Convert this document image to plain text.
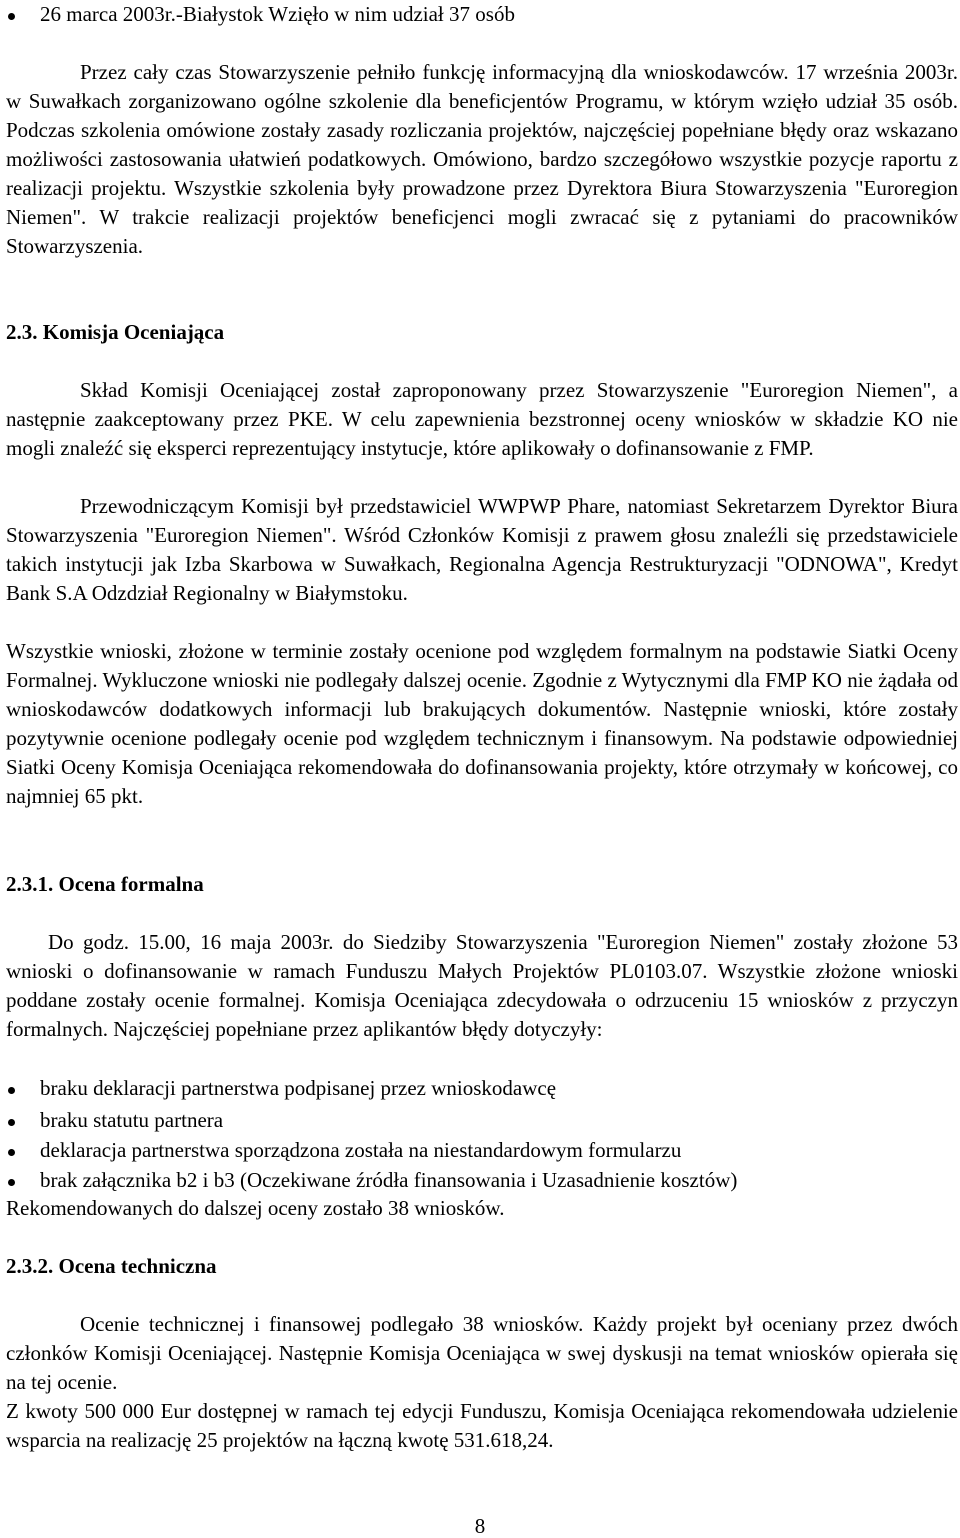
26 marca 2003r.-Białystok Wzięło w nim udział 37 osób

Przez cały czas Stowarzyszenie pełniło funkcję informacyjną dla wnioskodawców. 17 września 2003r. w Suwałkach zorganizowano ogólne szkolenie dla beneficjentów Programu, w którym wzięło udział 35 osób. Podczas szkolenia omówione zostały zasady rozliczania projektów, najczęściej popełniane błędy oraz wskazano możliwości zastosowania ułatwień podatkowych. Omówiono, bardzo szczegółowo wszystkie pozycje raportu z realizacji projektu. Wszystkie szkolenia były prowadzone przez Dyrektora Biura Stowarzyszenia "Euroregion Niemen". W trakcie realizacji projektów beneficjenci mogli zwracać się z pytaniami do pracowników Stowarzyszenia.

2.3. Komisja Oceniająca

Skład Komisji Oceniającej został zaproponowany przez Stowarzyszenie "Euroregion Niemen", a następnie zaakceptowany przez PKE. W celu zapewnienia bezstronnej oceny wniosków w składzie KO nie mogli znaleźć się eksperci reprezentujący instytucje, które aplikowały o dofinansowanie z FMP.

Przewodniczącym Komisji był przedstawiciel WWPWP Phare, natomiast Sekretarzem Dyrektor Biura Stowarzyszenia "Euroregion Niemen". Wśród Członków Komisji z prawem głosu znaleźli się przedstawiciele takich instytucji jak Izba Skarbowa w Suwałkach, Regionalna Agencja Restrukturyzacji "ODNOWA", Kredyt Bank S.A Odzdział Regionalny w Białymstoku.

Wszystkie wnioski, złożone w terminie zostały ocenione pod względem formalnym na podstawie Siatki Oceny Formalnej. Wykluczone wnioski nie podlegały dalszej ocenie. Zgodnie z Wytycznymi dla FMP KO nie żądała od wnioskodawców dodatkowych informacji lub brakujących dokumentów. Następnie wnioski, które zostały pozytywnie ocenione podlegały ocenie pod względem technicznym i finansowym. Na podstawie odpowiedniej Siatki Oceny Komisja Oceniająca rekomendowała do dofinansowania projekty, które otrzymały w końcowej, co najmniej 65 pkt.

2.3.1. Ocena formalna

Do godz. 15.00, 16 maja 2003r. do Siedziby Stowarzyszenia "Euroregion Niemen" zostały złożone 53 wnioski o dofinansowanie w ramach Funduszu Małych Projektów PL0103.07. Wszystkie złożone wnioski poddane zostały ocenie formalnej. Komisja Oceniająca zdecydowała o odrzuceniu 15 wniosków z przyczyn formalnych. Najczęściej popełniane przez aplikantów błędy dotyczyły:

braku deklaracji partnerstwa podpisanej przez wnioskodawcę

braku statutu partnera

deklaracja partnerstwa sporządzona została na niestandardowym formularzu

brak załącznika b2 i b3 (Oczekiwane źródła finansowania i Uzasadnienie kosztów)

Rekomendowanych do dalszej oceny zostało 38 wniosków.

2.3.2. Ocena techniczna

Ocenie technicznej i finansowej podlegało 38 wniosków. Każdy projekt był oceniany przez dwóch członków Komisji Oceniającej. Następnie Komisja Oceniająca w swej dyskusji na temat wniosków opierała się na tej ocenie.

Z kwoty 500 000 Eur dostępnej w ramach tej edycji Funduszu, Komisja Oceniająca rekomendowała udzielenie wsparcia na realizację 25 projektów na łączną kwotę 531.618,24.

8
